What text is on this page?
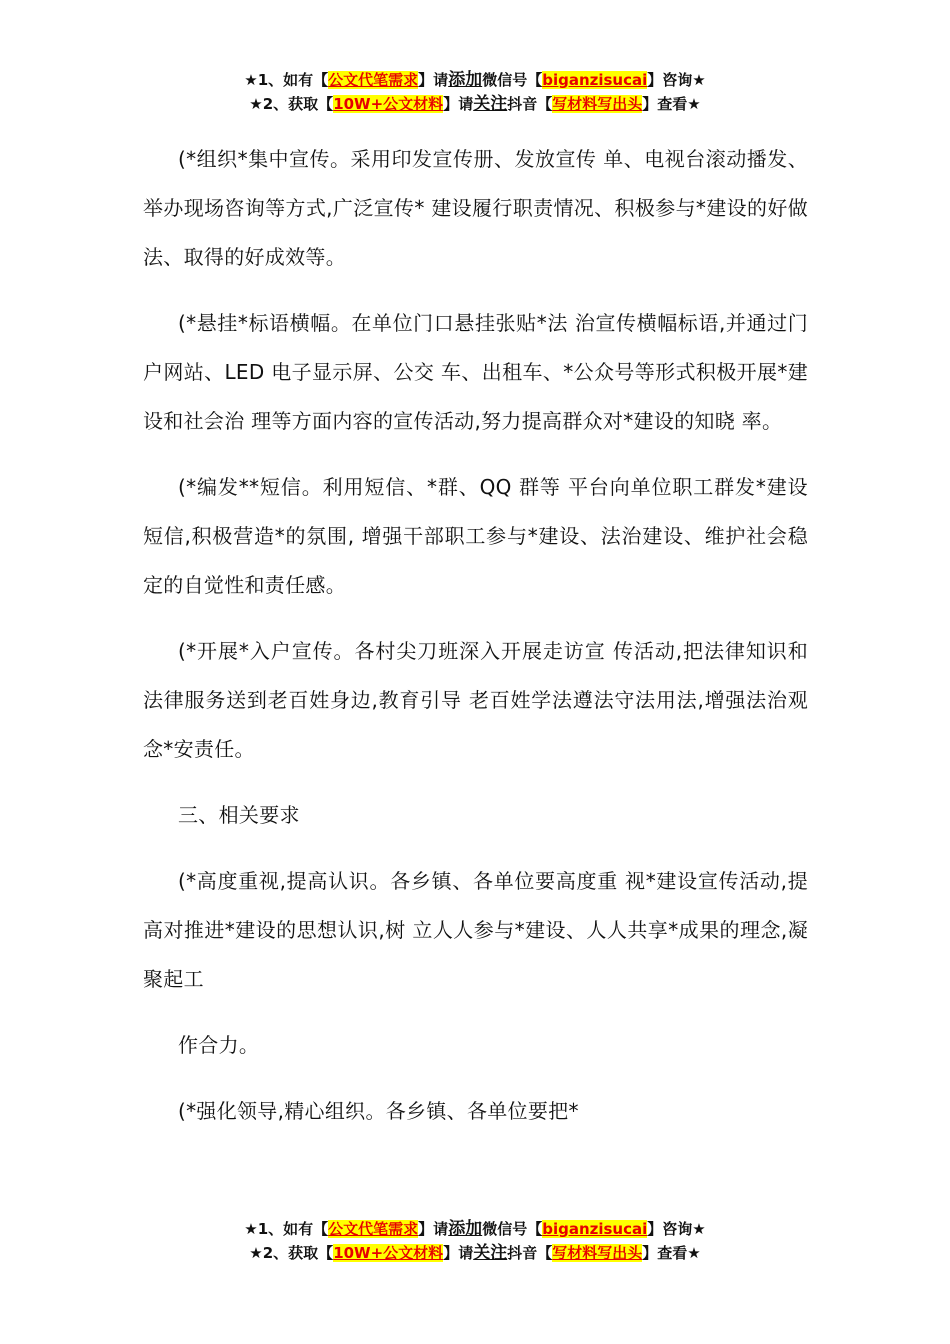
★1、如有【公文代笔需求】请添加微信号【biganzisucai】咨询★
★2、获取【10W+公文材料】请关注抖音【写材料写出头】查看★

(*组织*集中宣传。采用印发宣传册、发放宣传 单、电视台滚动播发、举办现场咨询等方式,广泛宣传* 建设履行职责情况、积极参与*建设的好做法、取得的好成效等。

(*悬挂*标语横幅。在单位门口悬挂张贴*法 治宣传横幅标语,并通过门户网站、LED 电子显示屏、公交 车、出租车、*公众号等形式积极开展*建设和社会治 理等方面内容的宣传活动,努力提高群众对*建设的知晓 率。

(*编发**短信。利用短信、*群、QQ 群等 平台向单位职工群发*建设短信,积极营造*的氛围, 增强干部职工参与*建设、法治建设、维护社会稳定的自觉性和责任感。

(*开展*入户宣传。各村尖刀班深入开展走访宣 传活动,把法律知识和法律服务送到老百姓身边,教育引导 老百姓学法遵法守法用法,增强法治观念*安责任。

三、相关要求

(*高度重视,提高认识。各乡镇、各单位要高度重 视*建设宣传活动,提高对推进*建设的思想认识,树 立人人参与*建设、人人共享*成果的理念,凝聚起工

作合力。

(*强化领导,精心组织。各乡镇、各单位要把*

★1、如有【公文代笔需求】请添加微信号【biganzisucai】咨询★
★2、获取【10W+公文材料】请关注抖音【写材料写出头】查看★
